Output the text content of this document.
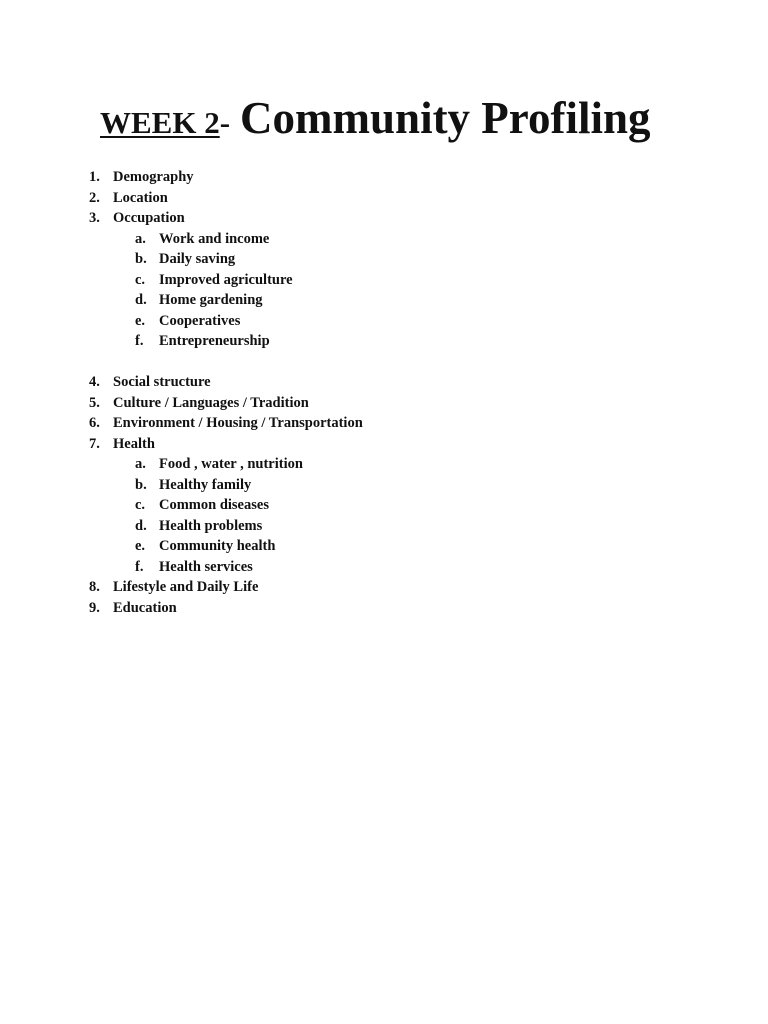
WEEK 2- Community Profiling
1. Demography
2. Location
3. Occupation
a. Work and income
b. Daily saving
c. Improved agriculture
d. Home gardening
e. Cooperatives
f. Entrepreneurship
4. Social structure
5. Culture / Languages / Tradition
6. Environment / Housing / Transportation
7. Health
a. Food , water , nutrition
b. Healthy family
c. Common diseases
d. Health problems
e. Community health
f. Health services
8. Lifestyle and Daily Life
9. Education
